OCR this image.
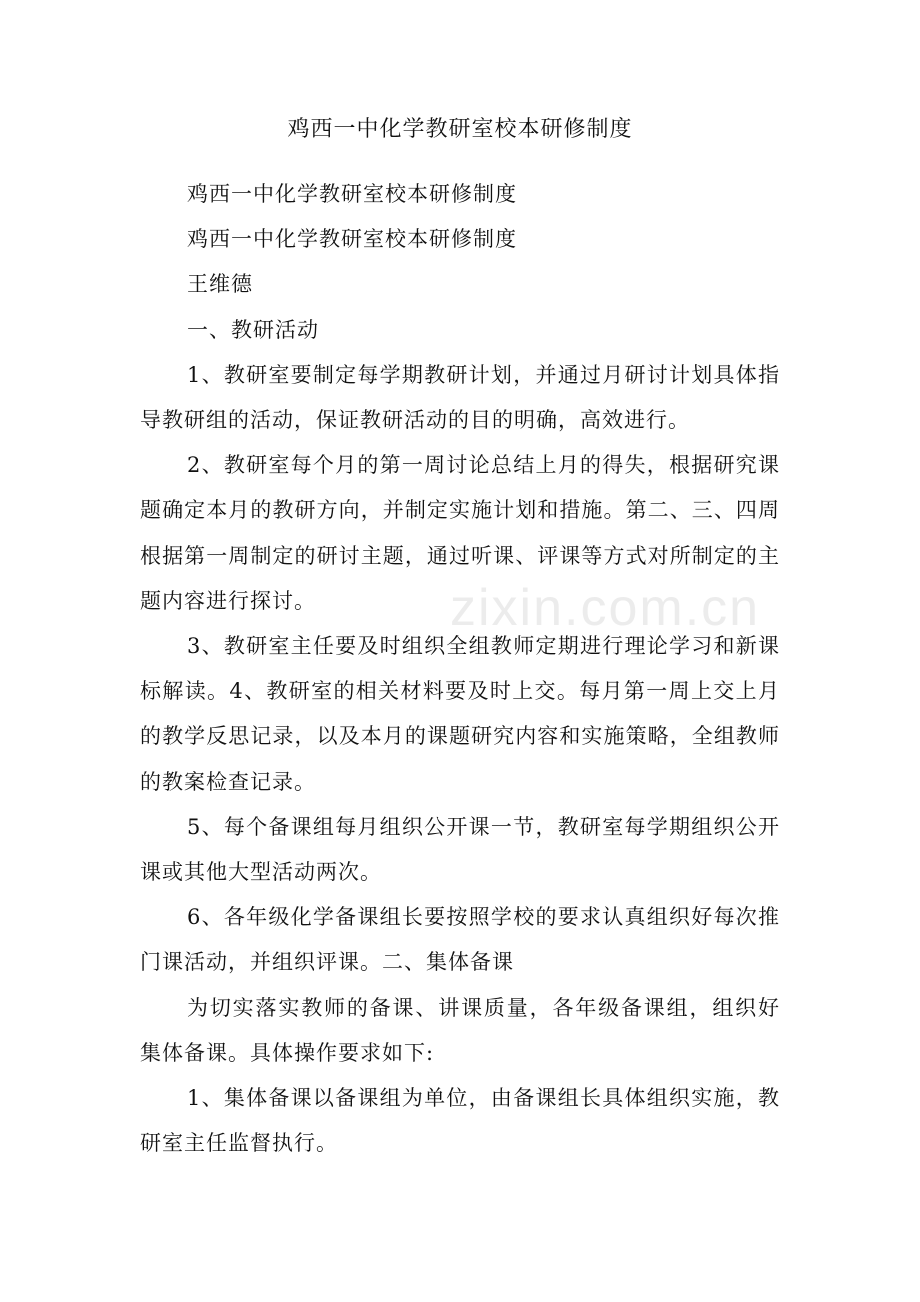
鸡西一中化学教研室校本研修制度

鸡西一中化学教研室校本研修制度

鸡西一中化学教研室校本研修制度

王维德

一、教研活动

1、教研室要制定每学期教研计划，并通过月研讨计划具体指导教研组的活动，保证教研活动的目的明确，高效进行。

2、教研室每个月的第一周讨论总结上月的得失，根据研究课题确定本月的教研方向，并制定实施计划和措施。第二、三、四周根据第一周制定的研讨主题，通过听课、评课等方式对所制定的主题内容进行探讨。

3、教研室主任要及时组织全组教师定期进行理论学习和新课标解读。4、教研室的相关材料要及时上交。每月第一周上交上月的教学反思记录，以及本月的课题研究内容和实施策略，全组教师的教案检查记录。

5、每个备课组每月组织公开课一节，教研室每学期组织公开课或其他大型活动两次。

6、各年级化学备课组长要按照学校的要求认真组织好每次推门课活动，并组织评课。二、集体备课

为切实落实教师的备课、讲课质量，各年级备课组，组织好集体备课。具体操作要求如下:

1、集体备课以备课组为单位，由备课组长具体组织实施，教研室主任监督执行。

zixin.com.cn
